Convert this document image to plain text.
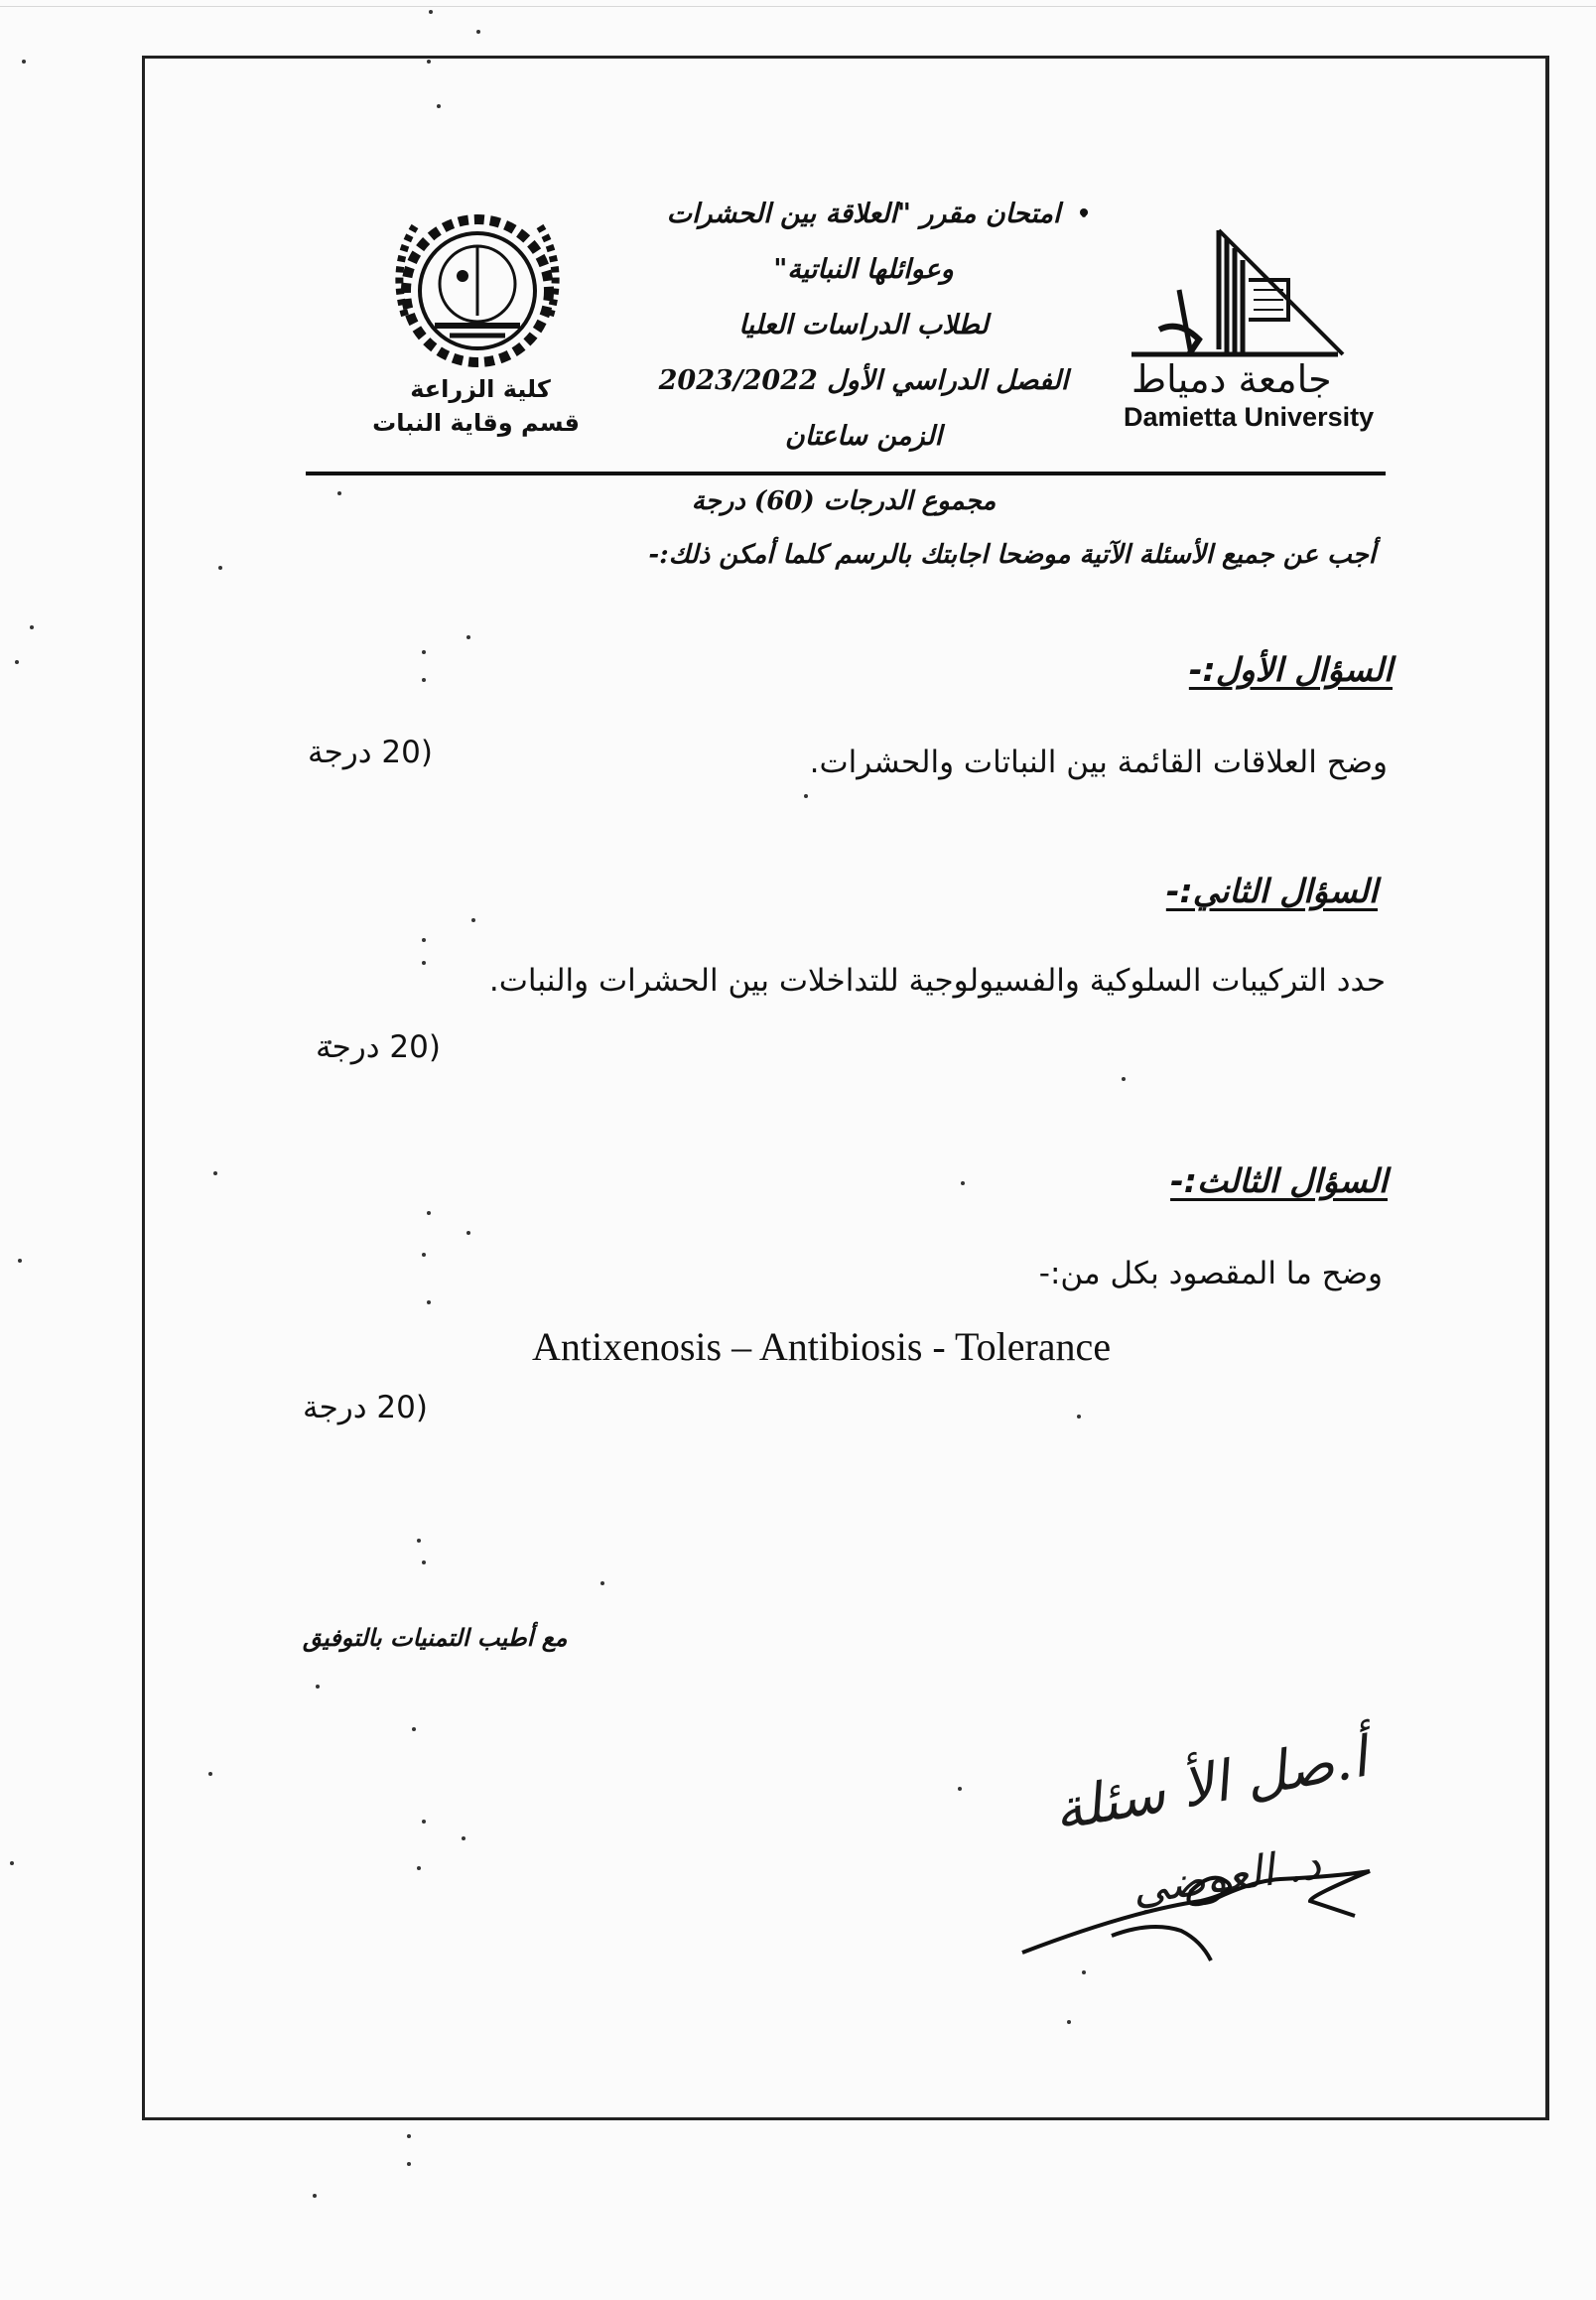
جامعة دمياط
Damietta University
كلية الزراعة
قسم وقاية النبات
امتحان مقرر "العلاقة بين الحشرات
وعوائلها النباتية"
لطلاب الدراسات العليا
الفصل الدراسي الأول 2023/2022
الزمن ساعتان
مجموع الدرجات (60) درجة
أجب عن جميع الأسئلة الآتية موضحا اجابتك بالرسم كلما أمكن ذلك:-
السؤال الأول:-
وضح العلاقات القائمة بين النباتات والحشرات.
(20 درجة
السؤال الثاني:-
حدد التركيبات السلوكية والفسيولوجية للتداخلات بين الحشرات والنبات.
(20 درجة
السؤال الثالث:-
وضح ما المقصود بكل من:-
Antixenosis – Antibiosis - Tolerance
(20 درجة
مع أطيب التمنيات بالتوفيق
أ.صل الأ سئلة
د. العوضي
